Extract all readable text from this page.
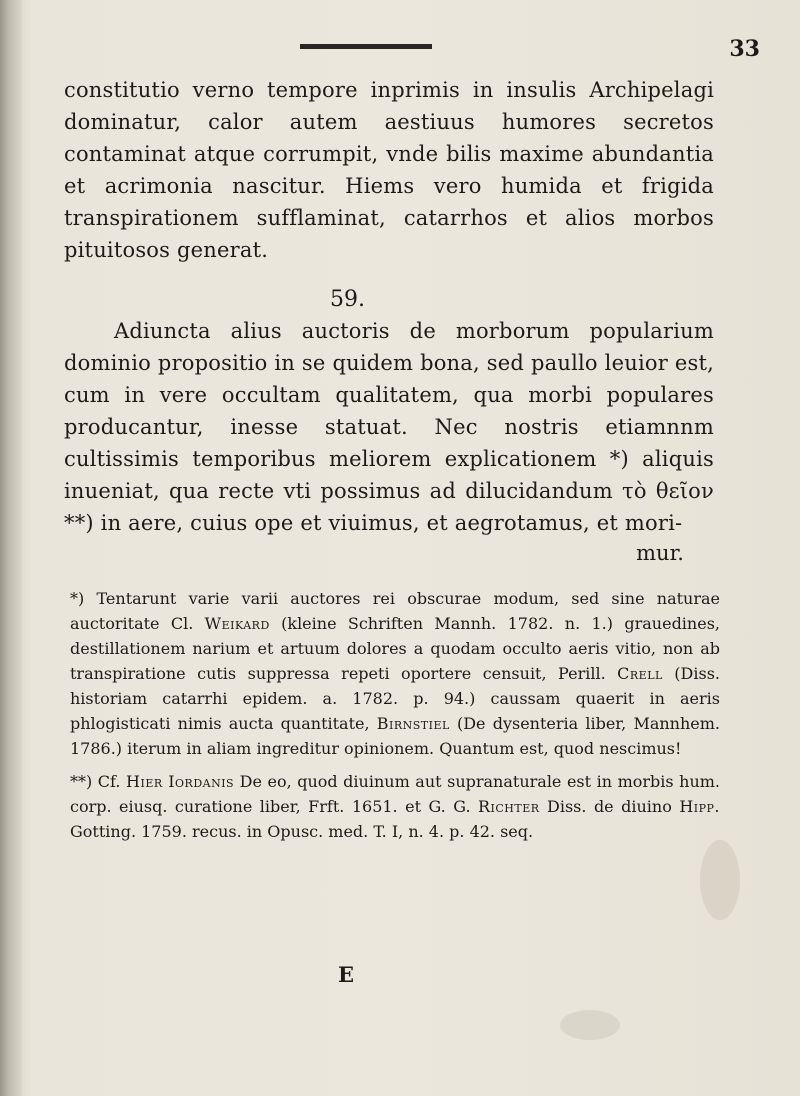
33
constitutio verno tempore inprimis in insulis Archipelagi dominatur, calor autem aestiuus humores secretos contaminat atque corrumpit, vnde bilis maxime abundantia et acrimonia nascitur. Hiems vero humida et frigida transpirationem sufflaminat, catarrhos et alios morbos pituitosos generat.
59.
Adiuncta alius auctoris de morborum popularium dominio propositio in se quidem bona, sed paullo leuior est, cum in vere occultam qualitatem, qua morbi populares producantur, inesse statuat. Nec nostris etiamnnm cultissimis temporibus meliorem explicationem *) aliquis inueniat, qua recte vti possimus ad dilucidandum τὸ θεῖον **) in aere, cuius ope et viuimus, et aegrotamus, et mori-
mur.

*) Tentarunt varie varii auctores rei obscurae modum, sed sine naturae auctoritate Cl. Weikard (kleine Schriften Mannh. 1782. n. 1.) grauedines, destillationem narium et artuum dolores a quodam occulto aeris vitio, non ab transpiratione cutis suppressa repeti oportere censuit, Perill. Crell (Diss. historiam catarrhi epidem. a. 1782. p. 94.) caussam quaerit in aeris phlogisticati nimis aucta quantitate, Birnstiel (De dysenteria liber, Mannhem. 1786.) iterum in aliam ingreditur opinionem. Quantum est, quod nescimus!

**) Cf. Hier Iordanis De eo, quod diuinum aut supranaturale est in morbis hum. corp. eiusq. curatione liber, Frft. 1651. et G. G. Richter Diss. de diuino Hipp. Gotting. 1759. recus. in Opusc. med. T. I, n. 4. p. 42. seq.

E
